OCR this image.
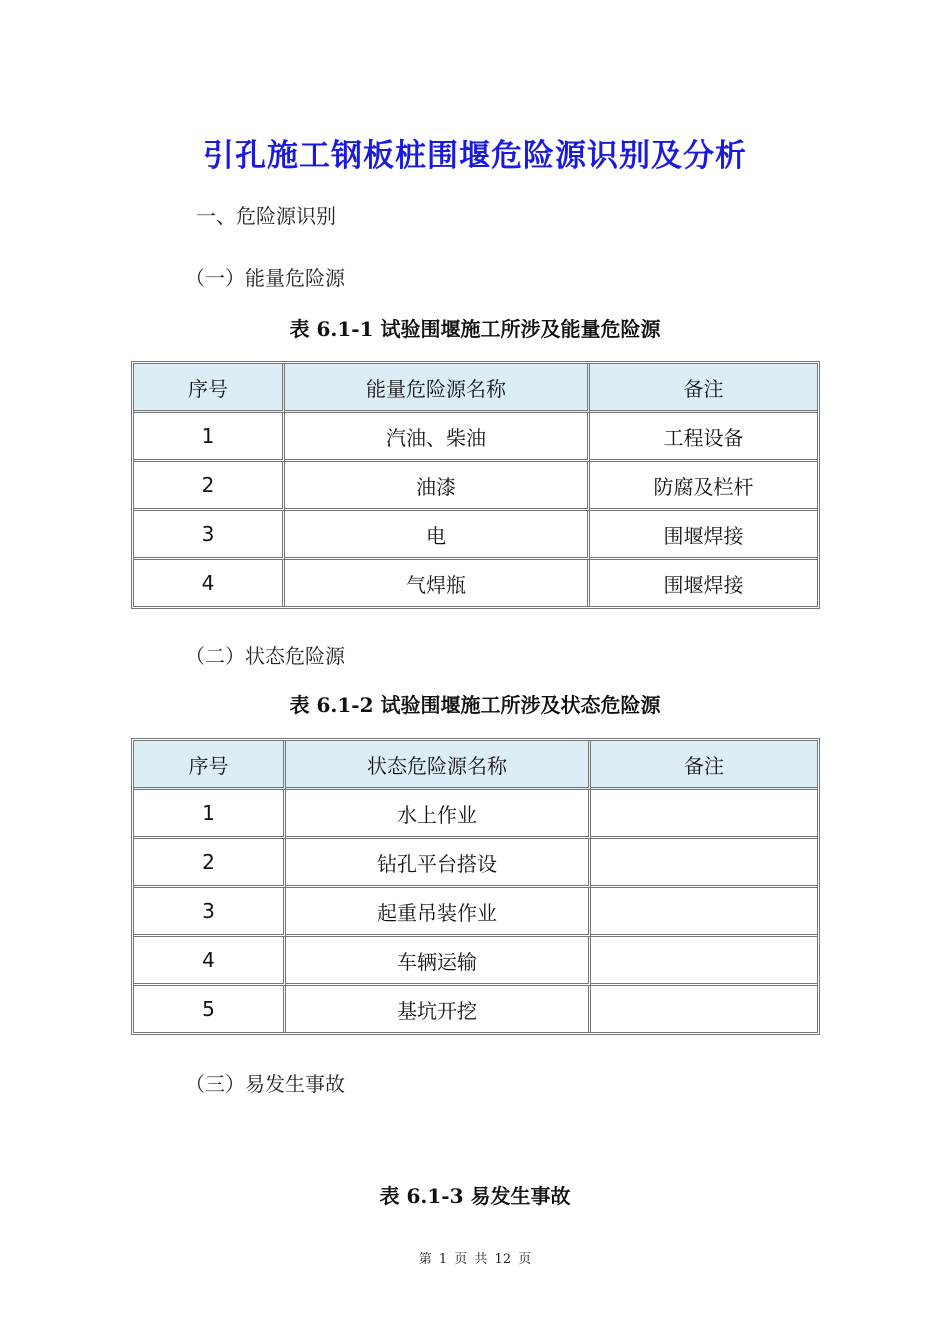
引孔施工钢板桩围堰危险源识别及分析
一、危险源识别
（一）能量危险源
表 6.1-1 试验围堰施工所涉及能量危险源
序号	能量危险源名称	备注
1	汽油、柴油	工程设备
2	油漆	防腐及栏杆
3	电	围堰焊接
4	气焊瓶	围堰焊接
（二）状态危险源
表 6.1-2 试验围堰施工所涉及状态危险源
序号	状态危险源名称	备注
1	水上作业	
2	钻孔平台搭设	
3	起重吊装作业	
4	车辆运输	
5	基坑开挖	
（三）易发生事故
表 6.1-3 易发生事故
第 1 页 共 12 页
